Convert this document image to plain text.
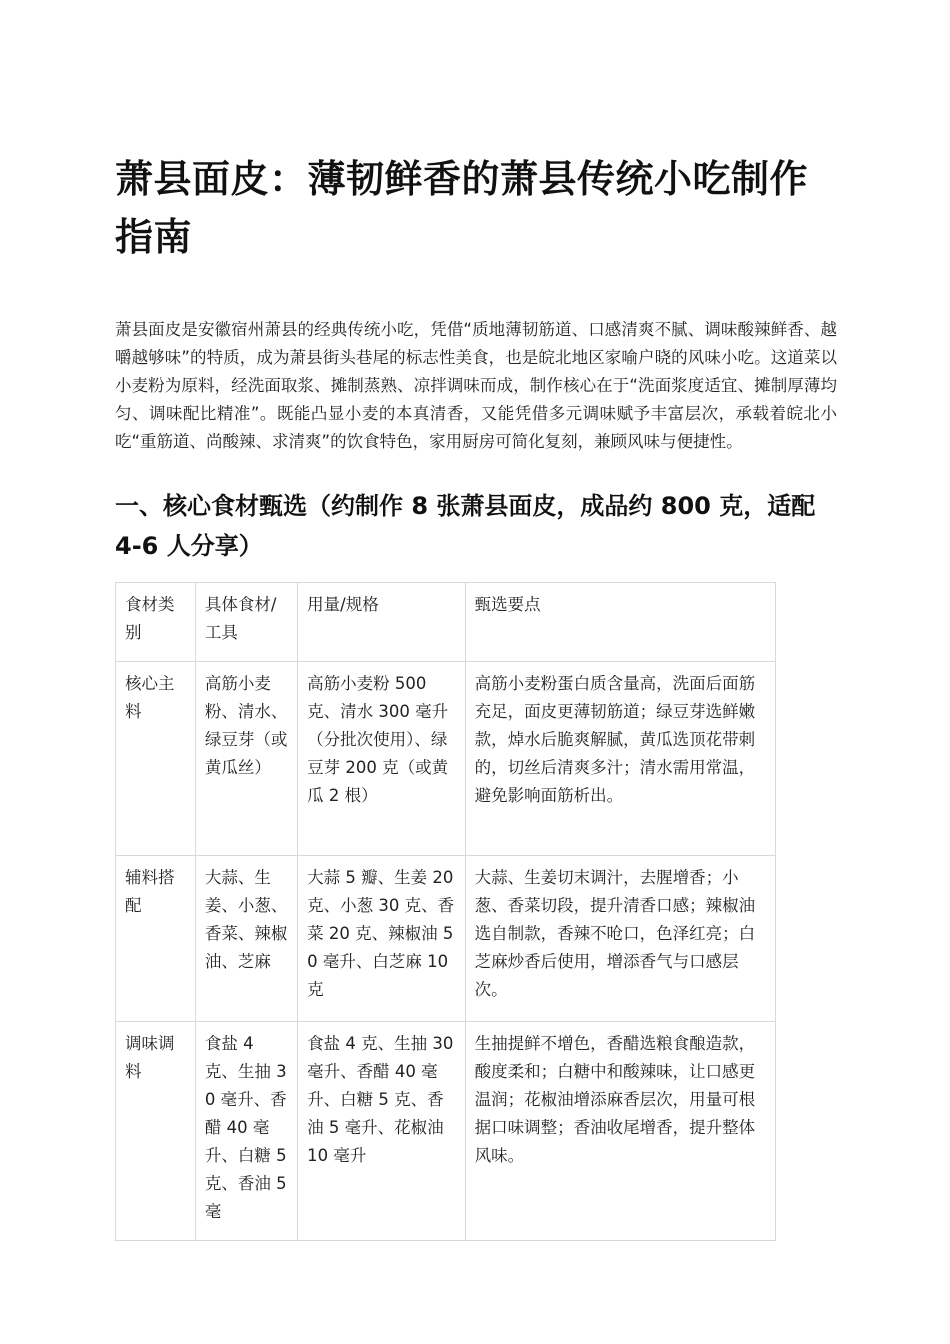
萧县面皮：薄韧鲜香的萧县传统小吃制作指南

萧县面皮是安徽宿州萧县的经典传统小吃，凭借“质地薄韧筋道、口感清爽不腻、调味酸辣鲜香、越嚼越够味”的特质，成为萧县街头巷尾的标志性美食，也是皖北地区家喻户晓的风味小吃。这道菜以小麦粉为原料，经洗面取浆、摊制蒸熟、凉拌调味而成，制作核心在于“洗面浆度适宜、摊制厚薄均匀、调味配比精准”。既能凸显小麦的本真清香，又能凭借多元调味赋予丰富层次，承载着皖北小吃“重筋道、尚酸辣、求清爽”的饮食特色，家用厨房可简化复刻，兼顾风味与便捷性。

一、核心食材甄选（约制作 8 张萧县面皮，成品约 800 克，适配 4-6 人分享）
食材类别	具体食材/工具	用量/规格	甄选要点
核心主料	高筋小麦粉、清水、绿豆芽（或黄瓜丝）	高筋小麦粉 500 克、清水 300 毫升（分批次使用）、绿豆芽 200 克（或黄瓜 2 根）	高筋小麦粉蛋白质含量高，洗面后面筋充足，面皮更薄韧筋道；绿豆芽选鲜嫩款，焯水后脆爽解腻，黄瓜选顶花带刺的，切丝后清爽多汁；清水需用常温，避免影响面筋析出。
辅料搭配	大蒜、生姜、小葱、香菜、辣椒油、芝麻	大蒜 5 瓣、生姜 20 克、小葱 30 克、香菜 20 克、辣椒油 50 毫升、白芝麻 10 克	大蒜、生姜切末调汁，去腥增香；小葱、香菜切段，提升清香口感；辣椒油选自制款，香辣不呛口，色泽红亮；白芝麻炒香后使用，增添香气与口感层次。
调味调料	食盐 4 克、生抽 30 毫升、香醋 40 毫升、白糖 5 克、香油 5 毫	食盐 4 克、生抽 30 毫升、香醋 40 毫升、白糖 5 克、香油 5 毫升、花椒油 10 毫升	生抽提鲜不增色，香醋选粮食酿造款，酸度柔和；白糖中和酸辣味，让口感更温润；花椒油增添麻香层次，用量可根据口味调整；香油收尾增香，提升整体风味。
